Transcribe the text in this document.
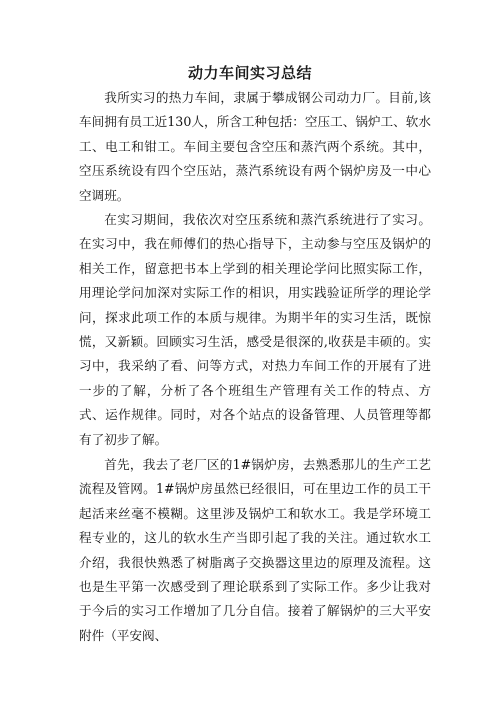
动力车间实习总结
我所实习的热力车间，隶属于攀成钢公司动力厂。目前,该车间拥有员工近130人，所含工种包括：空压工、锅炉工、软水工、电工和钳工。车间主要包含空压和蒸汽两个系统。其中，空压系统设有四个空压站，蒸汽系统设有两个锅炉房及一中心空调班。
在实习期间，我依次对空压系统和蒸汽系统进行了实习。在实习中，我在师傅们的热心指导下，主动参与空压及锅炉的相关工作，留意把书本上学到的相关理论学问比照实际工作，用理论学问加深对实际工作的相识，用实践验证所学的理论学问，探求此项工作的本质与规律。为期半年的实习生活，既惊慌，又新颖。回顾实习生活，感受是很深的,收获是丰硕的。实习中，我采纳了看、问等方式，对热力车间工作的开展有了进一步的了解，分析了各个班组生产管理有关工作的特点、方式、运作规律。同时，对各个站点的设备管理、人员管理等都有了初步了解。
首先，我去了老厂区的1#锅炉房，去熟悉那儿的生产工艺流程及管网。1#锅炉房虽然已经很旧，可在里边工作的员工干起活来丝毫不模糊。这里涉及锅炉工和软水工。我是学环境工程专业的，这儿的软水生产当即引起了我的关注。通过软水工介绍，我很快熟悉了树脂离子交换器这里边的原理及流程。这也是生平第一次感受到了理论联系到了实际工作。多少让我对于今后的实习工作增加了几分自信。接着了解锅炉的三大平安附件（平安阀、
